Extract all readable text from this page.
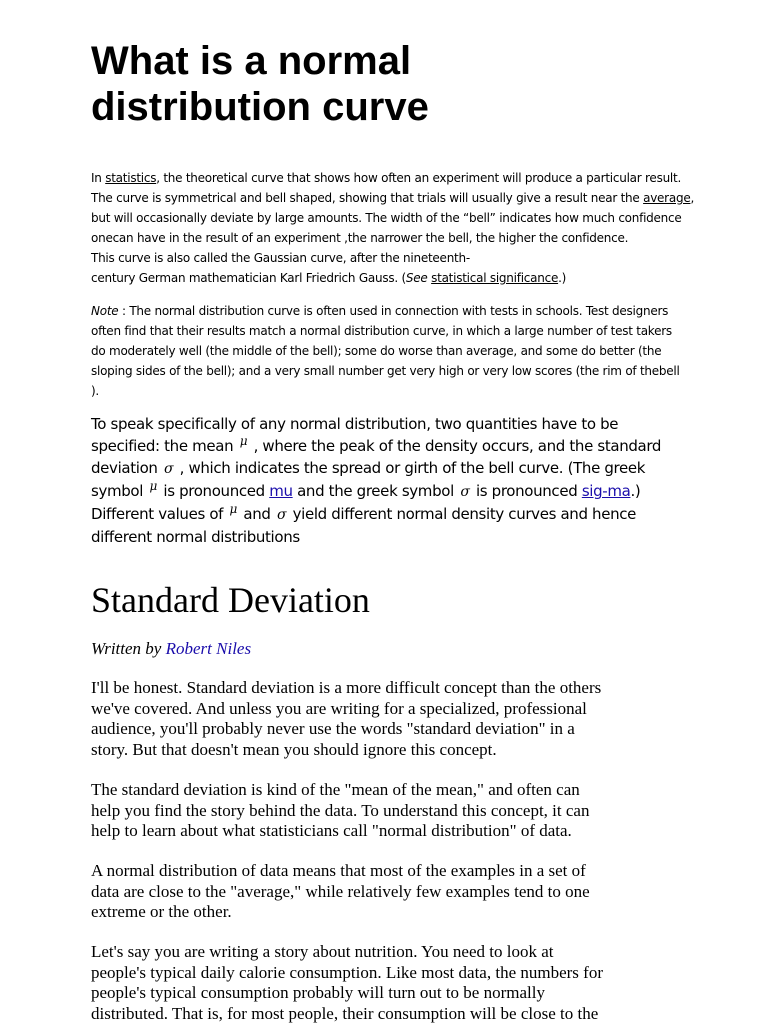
What is a normal
distribution curve
In statistics, the theoretical curve that shows how often an experiment will produce a particular result.
The curve is symmetrical and bell shaped, showing that trials will usually give a result near the average,
but will occasionally deviate by large amounts. The width of the “bell” indicates how much confidence
onecan have in the result of an experiment ,the narrower the bell, the higher the confidence.
This curve is also called the Gaussian curve, after the nineteenth-
century German mathematician Karl Friedrich Gauss. (See statistical significance.)
Note : The normal distribution curve is often used in connection with tests in schools. Test designers
often find that their results match a normal distribution curve, in which a large number of test takers
do moderately well (the middle of the bell); some do worse than average, and some do better (the
sloping sides of the bell); and a very small number get very high or very low scores (the rim of thebell
).
To speak specifically of any normal distribution, two quantities have to be
specified: the mean μ , where the peak of the density occurs, and the standard
deviation σ , which indicates the spread or girth of the bell curve. (The greek
symbol μ is pronounced mu and the greek symbol σ is pronounced sig-ma.)
Different values of μ and σ yield different normal density curves and hence
different normal distributions
Standard Deviation

Written by Robert Niles

I'll be honest. Standard deviation is a more difficult concept than the others
we've covered. And unless you are writing for a specialized, professional
audience, you'll probably never use the words "standard deviation" in a
story. But that doesn't mean you should ignore this concept.
The standard deviation is kind of the "mean of the mean," and often can
help you find the story behind the data. To understand this concept, it can
help to learn about what statisticians call "normal distribution" of data.
A normal distribution of data means that most of the examples in a set of
data are close to the "average," while relatively few examples tend to one
extreme or the other.
Let's say you are writing a story about nutrition. You need to look at
people's typical daily calorie consumption. Like most data, the numbers for
people's typical consumption probably will turn out to be normally
distributed. That is, for most people, their consumption will be close to the
